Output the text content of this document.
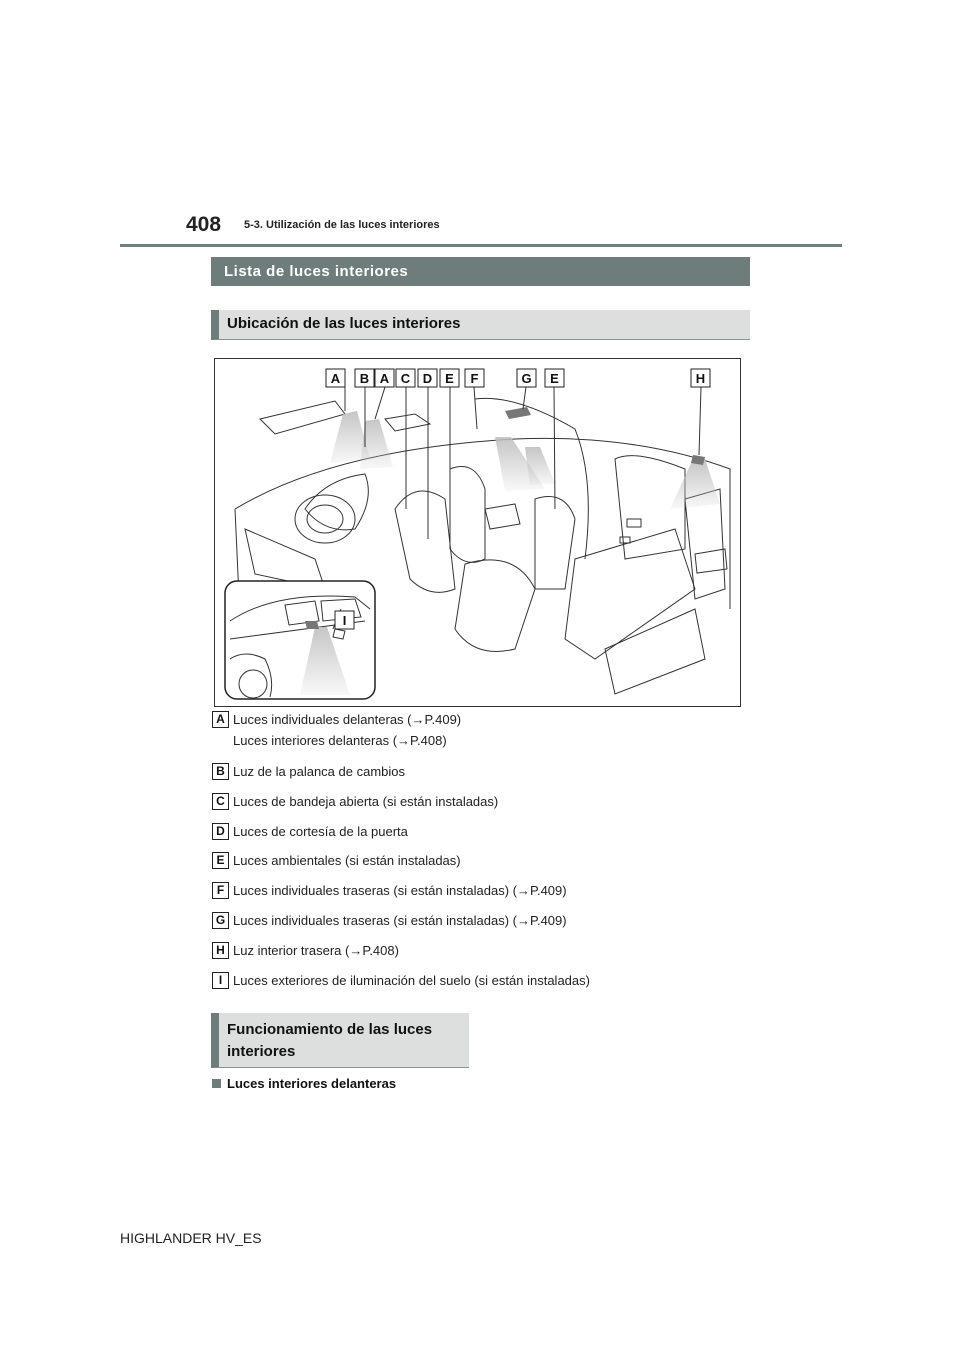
408 5-3. Utilización de las luces interiores
Lista de luces interiores
Ubicación de las luces interiores
A B A C D E F	G E	H
I
A Luces individuales delanteras (→P.409)
Luces interiores delanteras (→P.408)
B Luz de la palanca de cambios
C Luces de bandeja abierta (si están instaladas)
D Luces de cortesía de la puerta
E Luces ambientales (si están instaladas)
F Luces individuales traseras (si están instaladas) (→P.409)
G Luces individuales traseras (si están instaladas) (→P.409)
H Luz interior trasera (→P.408)
I Luces exteriores de iluminación del suelo (si están instaladas)
Funcionamiento de las luces
interiores
Luces interiores delanteras
HIGHLANDER HV_ES
